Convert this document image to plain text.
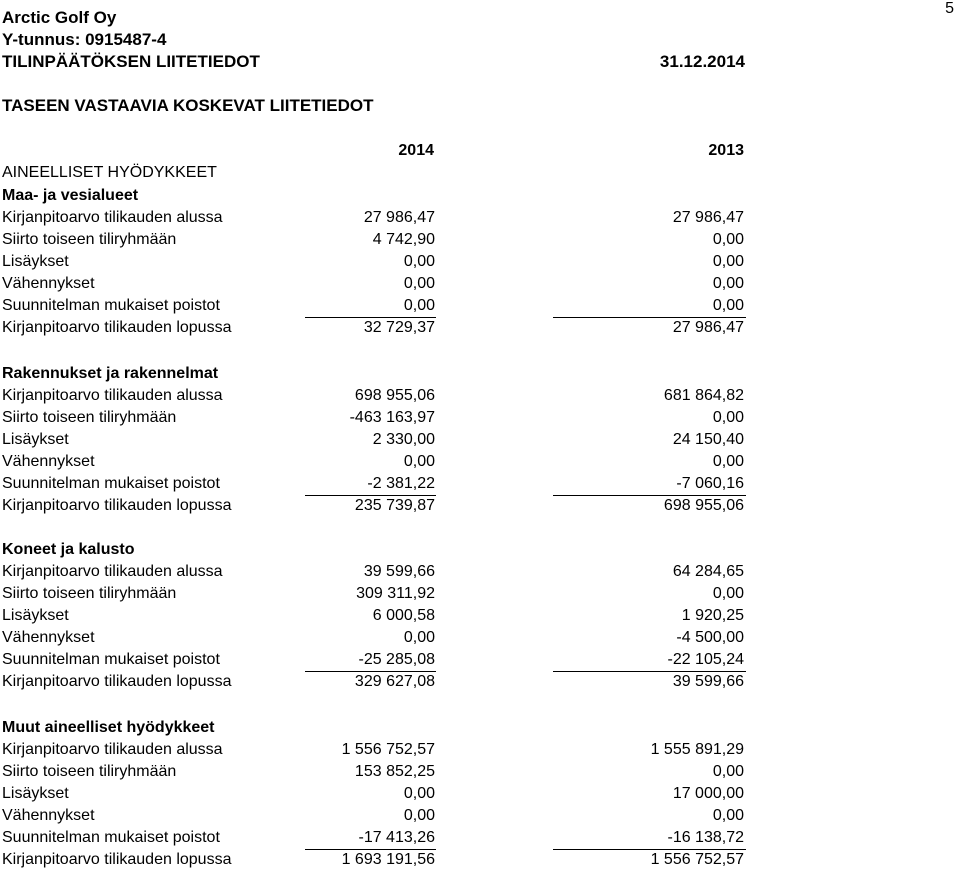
Arctic Golf Oy
Y-tunnus: 0915487-4
TILINPÄÄTÖKSEN LIITETIEDOT	31.12.2014
5
TASEEN VASTAAVIA KOSKEVAT LIITETIEDOT
2014	2013
AINEELLISET HYÖDYKKEET
Maa- ja vesialueet
Kirjanpitoarvo tilikauden alussa	27 986,47	27 986,47
Siirto toiseen tiliryhmään	4 742,90	0,00
Lisäykset	0,00	0,00
Vähennykset	0,00	0,00
Suunnitelman mukaiset poistot	0,00	0,00
Kirjanpitoarvo tilikauden lopussa	32 729,37	27 986,47
Rakennukset ja rakennelmat
Kirjanpitoarvo tilikauden alussa	698 955,06	681 864,82
Siirto toiseen tiliryhmään	-463 163,97	0,00
Lisäykset	2 330,00	24 150,40
Vähennykset	0,00	0,00
Suunnitelman mukaiset poistot	-2 381,22	-7 060,16
Kirjanpitoarvo tilikauden lopussa	235 739,87	698 955,06
Koneet ja kalusto
Kirjanpitoarvo tilikauden alussa	39 599,66	64 284,65
Siirto toiseen tiliryhmään	309 311,92	0,00
Lisäykset	6 000,58	1 920,25
Vähennykset	0,00	-4 500,00
Suunnitelman mukaiset poistot	-25 285,08	-22 105,24
Kirjanpitoarvo tilikauden lopussa	329 627,08	39 599,66
Muut aineelliset hyödykkeet
Kirjanpitoarvo tilikauden alussa	1 556 752,57	1 555 891,29
Siirto toiseen tiliryhmään	153 852,25	0,00
Lisäykset	0,00	17 000,00
Vähennykset	0,00	0,00
Suunnitelman mukaiset poistot	-17 413,26	-16 138,72
Kirjanpitoarvo tilikauden lopussa	1 693 191,56	1 556 752,57
